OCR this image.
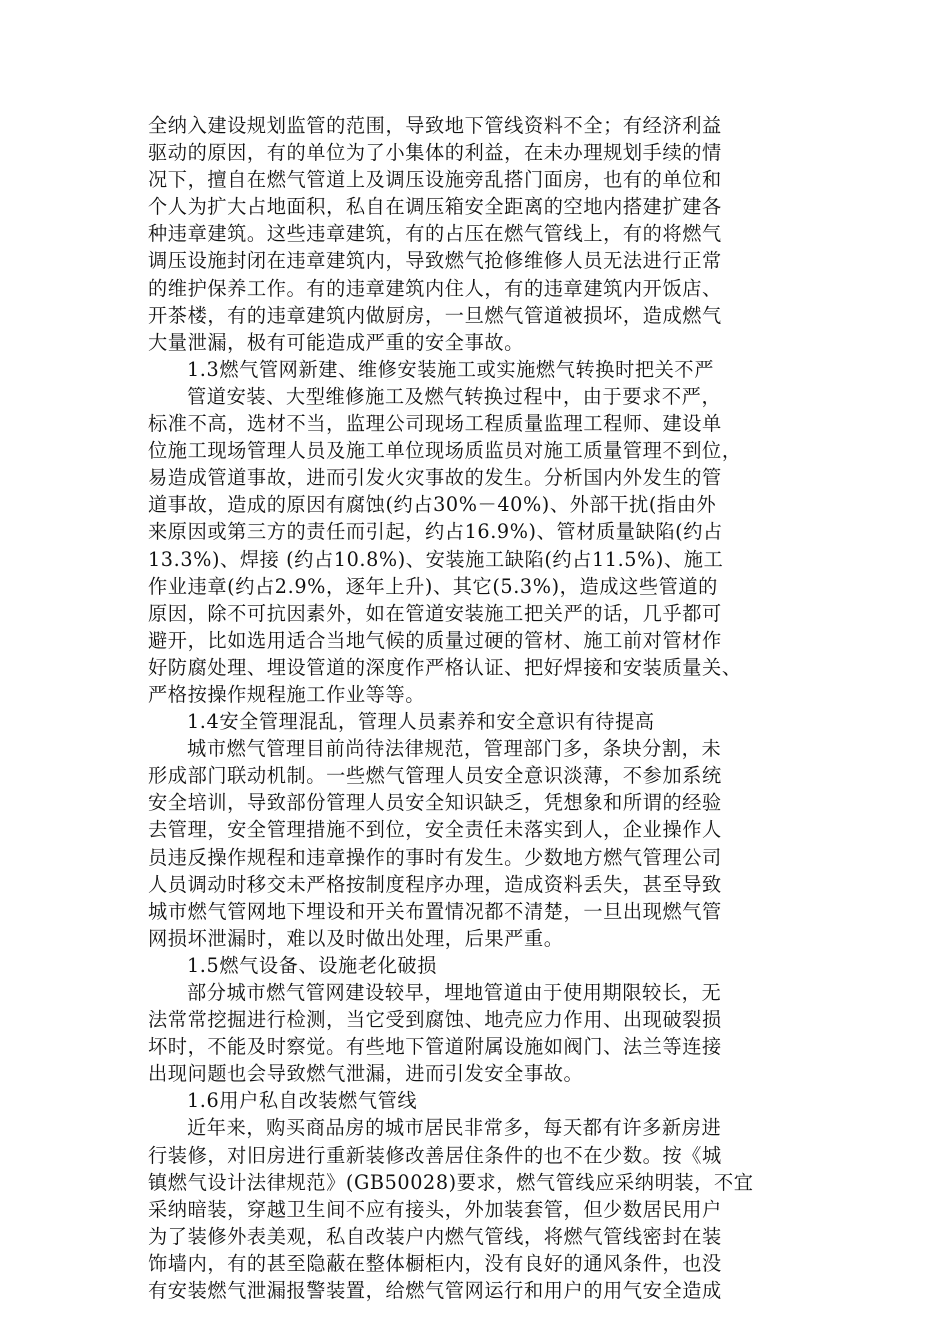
全纳入建设规划监管的范围，导致地下管线资料不全；有经济利益
驱动的原因，有的单位为了小集体的利益，在未办理规划手续的情
况下，擅自在燃气管道上及调压设施旁乱搭门面房，也有的单位和
个人为扩大占地面积，私自在调压箱安全距离的空地内搭建扩建各
种违章建筑。这些违章建筑，有的占压在燃气管线上，有的将燃气
调压设施封闭在违章建筑内，导致燃气抢修维修人员无法进行正常
的维护保养工作。有的违章建筑内住人，有的违章建筑内开饭店、
开茶楼，有的违章建筑内做厨房，一旦燃气管道被损坏，造成燃气
大量泄漏，极有可能造成严重的安全事故。
1.3燃气管网新建、维修安装施工或实施燃气转换时把关不严
管道安装、大型维修施工及燃气转换过程中，由于要求不严，
标准不高，选材不当，监理公司现场工程质量监理工程师、建设单
位施工现场管理人员及施工单位现场质监员对施工质量管理不到位，
易造成管道事故，进而引发火灾事故的发生。分析国内外发生的管
道事故，造成的原因有腐蚀(约占30%－40%)、外部干扰(指由外
来原因或第三方的责任而引起，约占16.9%)、管材质量缺陷(约占
13.3%)、焊接 (约占10.8%)、安装施工缺陷(约占11.5%)、施工
作业违章(约占2.9%，逐年上升)、其它(5.3%)，造成这些管道的
原因，除不可抗因素外，如在管道安装施工把关严的话，几乎都可
避开，比如选用适合当地气候的质量过硬的管材、施工前对管材作
好防腐处理、埋设管道的深度作严格认证、把好焊接和安装质量关、
严格按操作规程施工作业等等。
1.4安全管理混乱，管理人员素养和安全意识有待提高
城市燃气管理目前尚待法律规范，管理部门多，条块分割，未
形成部门联动机制。一些燃气管理人员安全意识淡薄，不参加系统
安全培训，导致部份管理人员安全知识缺乏，凭想象和所谓的经验
去管理，安全管理措施不到位，安全责任未落实到人，企业操作人
员违反操作规程和违章操作的事时有发生。少数地方燃气管理公司
人员调动时移交未严格按制度程序办理，造成资料丢失，甚至导致
城市燃气管网地下埋设和开关布置情况都不清楚，一旦出现燃气管
网损坏泄漏时，难以及时做出处理，后果严重。
1.5燃气设备、设施老化破损
部分城市燃气管网建设较早，埋地管道由于使用期限较长，无
法常常挖掘进行检测，当它受到腐蚀、地壳应力作用、出现破裂损
坏时，不能及时察觉。有些地下管道附属设施如阀门、法兰等连接
出现问题也会导致燃气泄漏，进而引发安全事故。
1.6用户私自改装燃气管线
近年来，购买商品房的城市居民非常多，每天都有许多新房进
行装修，对旧房进行重新装修改善居住条件的也不在少数。按《城
镇燃气设计法律规范》(GB50028)要求，燃气管线应采纳明装，不宜
采纳暗装，穿越卫生间不应有接头，外加装套管，但少数居民用户
为了装修外表美观，私自改装户内燃气管线，将燃气管线密封在装
饰墙内，有的甚至隐蔽在整体橱柜内，没有良好的通风条件，也没
有安装燃气泄漏报警装置，给燃气管网运行和用户的用气安全造成
